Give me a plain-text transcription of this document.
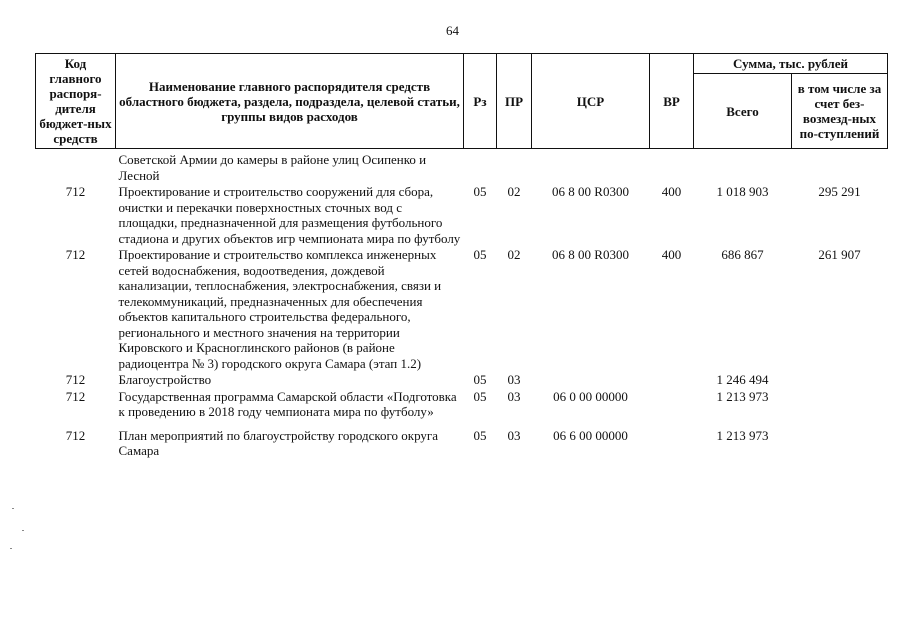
64
Код главного распоря-дителя бюджет-ных средств	Наименование главного распорядителя средств областного бюджета, раздела, подраздела, целевой статьи, группы видов расходов	Рз	ПР	ЦСР	ВР	Сумма, тыс. рублей	
						Всего	в том числе за счет без-возмезд-ных по-ступлений
	Советской Армии до камеры в районе улиц Осипенко и Лесной						
712	Проектирование и строительство сооружений для сбора, очистки и перекачки поверхностных сточных вод с площадки, предназначенной для размещения футбольного стадиона и других объектов игр чемпионата мира по футболу	05	02	06 8 00 R0300	400	1 018 903	295 291
712	Проектирование и строительство комплекса инженерных сетей водоснабжения, водоотведения, дождевой канализации, теплоснабжения, электроснабжения, связи и телекоммуникаций, предназначенных для обеспечения объектов капитального строительства федерального, регионального и местного значения на территории Кировского и Красноглинского районов (в районе радиоцентра № 3) городского округа Самара (этап 1.2)	05	02	06 8 00 R0300	400	686 867	261 907
712	Благоустройство	05	03			1 246 494	
712	Государственная программа Самарской области «Подготовка к проведению в 2018 году чемпионата мира по футболу»	05	03	06 0 00 00000		1 213 973	
712	План мероприятий по благоустройству городского округа Самара	05	03	06 6 00 00000		1 213 973	
